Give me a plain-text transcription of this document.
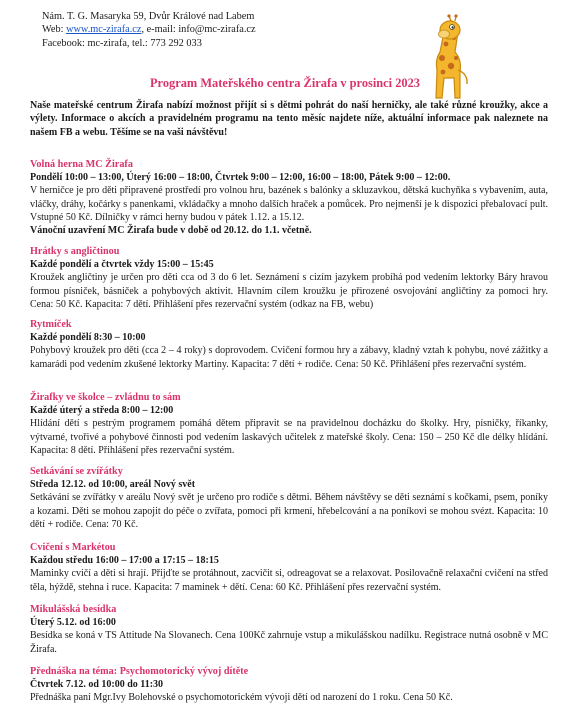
Nám. T. G. Masaryka 59, Dvůr Králové nad Labem
Web: www.mc-zirafa.cz, e-mail: info@mc-zirafa.cz
Facebook: mc-zirafa, tel.: 773 292 033
Program Mateřského centra Žirafa v prosinci 2023
Naše mateřské centrum Žirafa nabízí možnost přijít si s dětmi pohrát do naší herničky, ale také různé kroužky, akce a výlety. Informace o akcích a pravidelném programu na tento měsíc najdete níže, aktuální informace pak naleznete na našem FB a webu. Těšíme se na vaši návštěvu!
Volná herna MC Žirafa
Pondělí 10:00 – 13:00, Úterý 16:00 – 18:00, Čtvrtek 9:00 – 12:00, 16:00 – 18:00, Pátek 9:00 – 12:00.
V herničce je pro děti připravené prostředí pro volnou hru, bazének s balónky a skluzavkou, dětská kuchyňka s vybavením, auta, vláčky, dráhy, kočárky s panenkami, vkládačky a mnoho dalších hraček a pomůcek. Pro nejmenší je k dispozici přebalovací pult. Vstupné 50 Kč. Dílničky v rámci herny budou v pátek 1.12. a 15.12.
Vánoční uzavření MC Žirafa bude v době od 20.12. do 1.1. včetně.
Hrátky s angličtinou
Každé pondělí a čtvrtek vždy 15:00 – 15:45
Kroužek angličtiny je určen pro děti cca od 3 do 6 let. Seznámení s cizím jazykem probíhá pod vedením lektorky Báry hravou formou písniček, básniček a pohybových aktivit. Hlavním cílem kroužku je přirozené osvojování angličtiny za pomoci hry. Cena: 50 Kč. Kapacita: 7 dětí. Přihlášení přes rezervační systém (odkaz na FB, webu)
Rytmíček
Každé pondělí 8:30 – 10:00
Pohybový kroužek pro děti (cca 2 – 4 roky) s doprovodem. Cvičení formou hry a zábavy, kladný vztah k pohybu, nové zážitky a kamarádi pod vedením zkušené lektorky Martiny. Kapacita: 7 dětí + rodiče. Cena: 50 Kč. Přihlášení přes rezervační systém.
Žirafky ve školce – zvládnu to sám
Každé úterý a středa 8:00 – 12:00
Hlídání dětí s pestrým programem pomáhá dětem připravit se na pravidelnou docházku do školky. Hry, písničky, říkanky, výtvarné, tvořivé a pohybové činnosti pod vedením laskavých učitelek z mateřské školy. Cena: 150 – 250 Kč dle délky hlídání. Kapacita: 8 dětí. Přihlášení přes rezervační systém.
Setkávání se zvířátky
Středa 12.12. od 10:00, areál Nový svět
Setkávání se zvířátky v areálu Nový svět je určeno pro rodiče s dětmi. Během návštěvy se děti seznámí s kočkami, psem, poníky a kozami. Děti se mohou zapojit do péče o zvířata, pomoci při krmení, hřebelcování a na poníkovi se mohou svézt. Kapacita: 10 dětí + rodiče. Cena: 70 Kč.
Cvičení s Markétou
Každou středu 16:00 – 17:00 a 17:15 – 18:15
Maminky cvičí a děti si hrají. Přijďte se protáhnout, zacvičit si, odreagovat se a relaxovat. Posilovačně relaxační cvičení na střed těla, hýždě, stehna i ruce. Kapacita: 7 maminek + dětí. Cena: 60 Kč. Přihlášení přes rezervační systém.
Mikulášská besídka
Úterý 5.12. od 16:00
Besídka se koná v TS Attitude Na Slovanech. Cena 100Kč zahrnuje vstup a mikulášskou nadílku. Registrace nutná osobně v MC Žirafa.
Přednáška na téma: Psychomotorický vývoj dítěte
Čtvrtek 7.12. od 10:00 do 11:30
Přednáška paní Mgr.Ivy Bolehovské o psychomotorickém vývoji dětí od narození do 1 roku. Cena 50 Kč.
